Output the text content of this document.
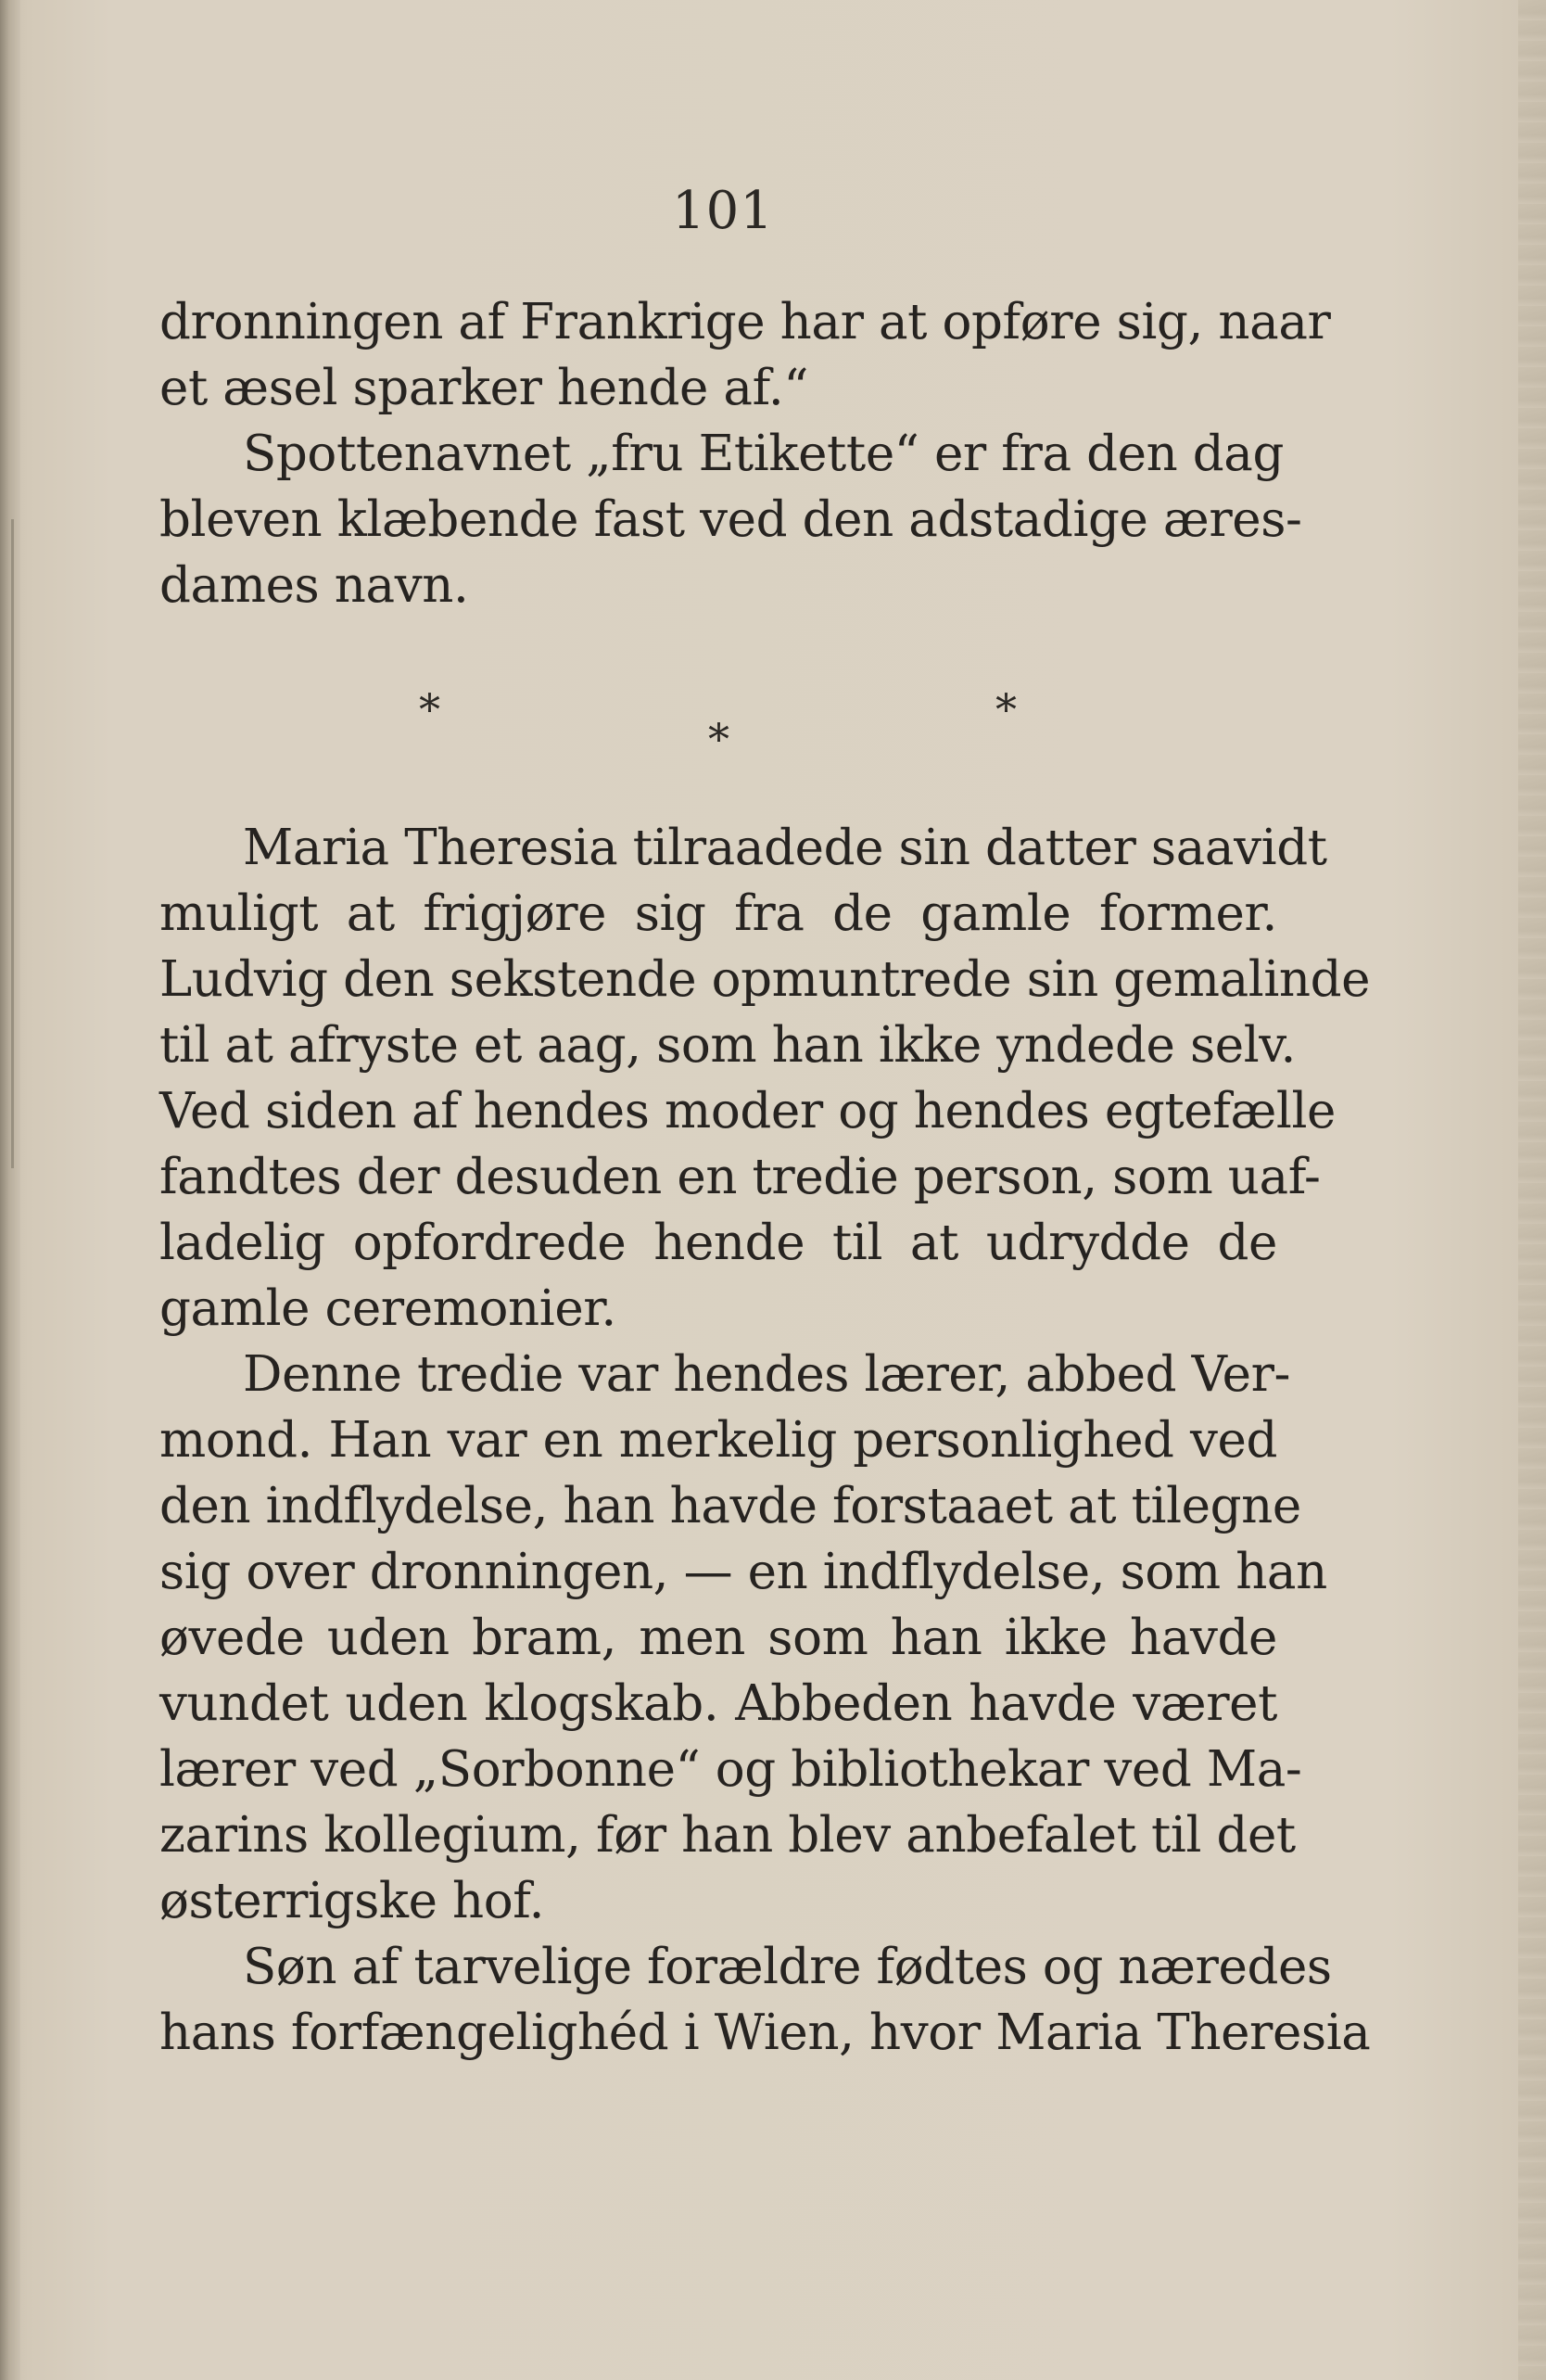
101
dronningen af Frankrige har at opføre sig, naar
et æsel sparker hende af.“
Spottenavnet „fru Etikette“ er fra den dag
bleven klæbende fast ved den adstadige æres-
dames navn.
*
*
*
Maria Theresia tilraadede sin datter saavidt
muligt at frigjøre sig fra de gamle former.
Ludvig den sekstende opmuntrede sin gemalinde
til at afryste et aag, som han ikke yndede selv.
Ved siden af hendes moder og hendes egtefælle
fandtes der desuden en tredie person, som uaf-
ladelig opfordrede hende til at udrydde de
gamle ceremonier.
Denne tredie var hendes lærer, abbed Ver-
mond. Han var en merkelig personlighed ved
den indflydelse, han havde forstaaet at tilegne
sig over dronningen, — en indflydelse, som han
øvede uden bram, men som han ikke havde
vundet uden klogskab. Abbeden havde været
lærer ved „Sorbonne“ og bibliothekar ved Ma-
zarins kollegium, før han blev anbefalet til det
østerrigske hof.
Søn af tarvelige forældre fødtes og næredes
hans forfængelighéd i Wien, hvor Maria Theresia
